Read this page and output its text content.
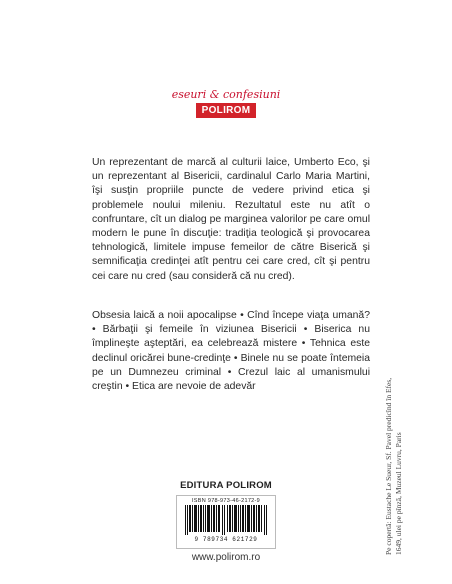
eseuri & confesiuni
POLIROM

Un reprezentant de marcă al culturii laice, Umberto Eco, şi un reprezentant al Bisericii, cardinalul Carlo Maria Martini, îşi susţin propriile puncte de vedere privind etica şi problemele noului mileniu. Rezultatul este nu atît o confruntare, cît un dialog pe marginea valorilor pe care omul modern le pune în discuţie: tradiţia teologică şi provocarea tehnologică, limitele impuse femeilor de către Biserică şi semnificaţia credinţei atît pentru cei care cred, cît şi pentru cei care nu cred (sau consideră că nu cred).

Obsesia laică a noii apocalipse • Cînd începe viaţa umană? • Bărbaţii şi femeile în viziunea Bisericii • Biserica nu împlineşte aşteptări, ea celebrează mistere • Tehnica este declinul oricărei bune-credinţe • Binele nu se poate întemeia pe un Dumnezeu criminal • Crezul laic al umanismului creştin • Etica are nevoie de adevăr	Pe copertă: Eustache Le Sueur, Sf. Pavel predicînd în Efes, 1649, ulei pe pînză, Muzeul Luvru, Paris
EDITURA POLIROM
ISBN 978-973-46-2172-9
9 789734 621729
www.polirom.ro
